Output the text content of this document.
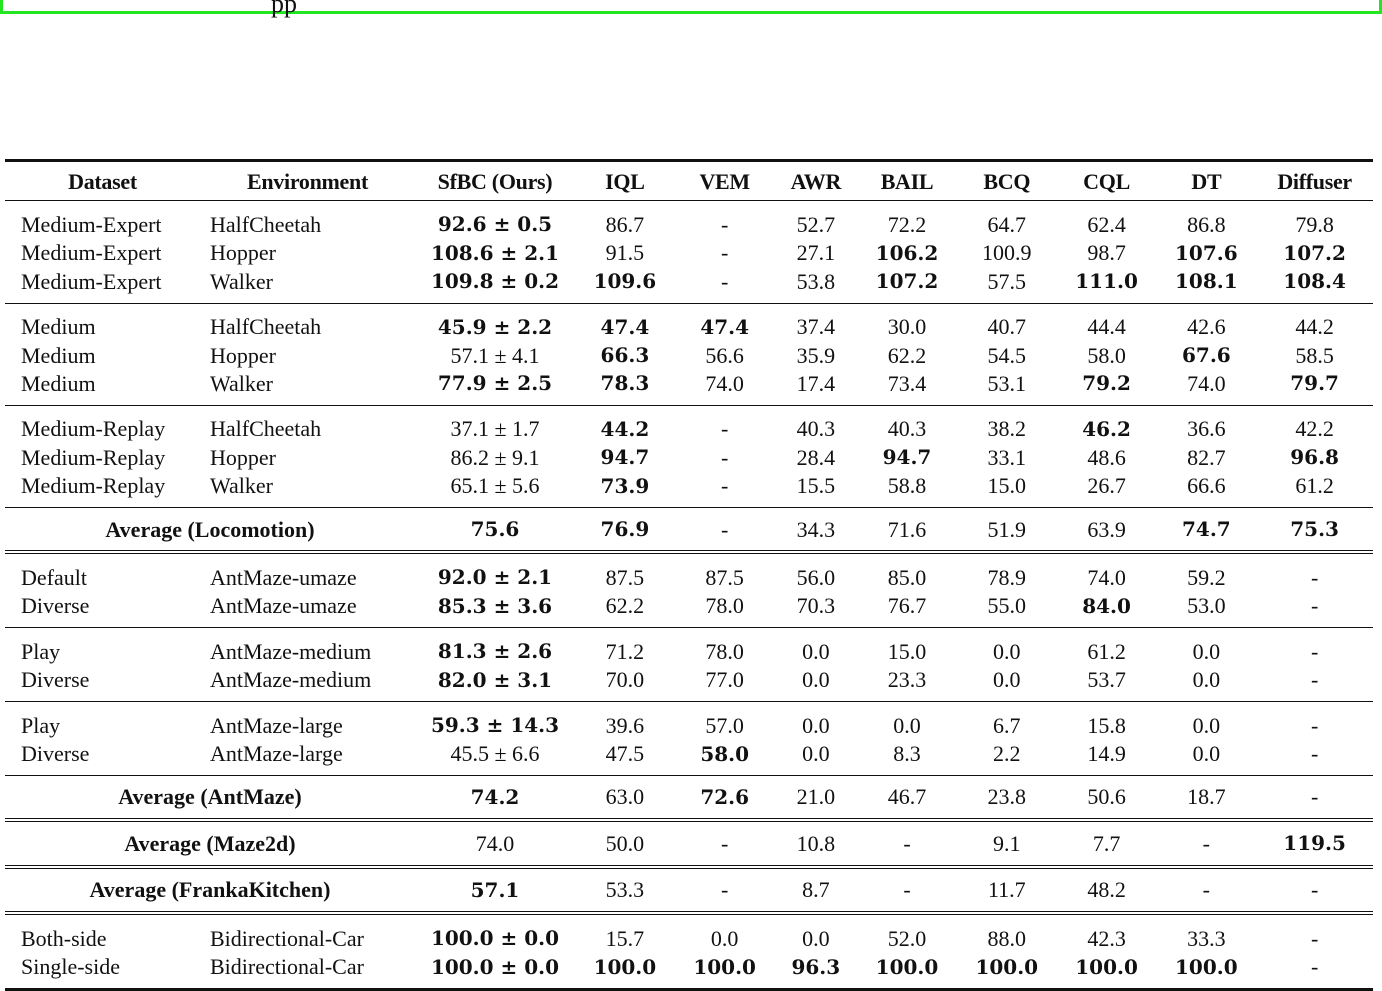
pp
Dataset	Environment	SfBC (Ours)	IQL	VEM	AWR	BAIL	BCQ	CQL	DT	Diffuser
Medium-Expert	HalfCheetah	92.6 ± 0.5	86.7	-	52.7	72.2	64.7	62.4	86.8	79.8
Medium-Expert	Hopper	108.6 ± 2.1	91.5	-	27.1	106.2	100.9	98.7	107.6	107.2
Medium-Expert	Walker	109.8 ± 0.2	109.6	-	53.8	107.2	57.5	111.0	108.1	108.4
Medium	HalfCheetah	45.9 ± 2.2	47.4	47.4	37.4	30.0	40.7	44.4	42.6	44.2
Medium	Hopper	57.1 ± 4.1	66.3	56.6	35.9	62.2	54.5	58.0	67.6	58.5
Medium	Walker	77.9 ± 2.5	78.3	74.0	17.4	73.4	53.1	79.2	74.0	79.7
Medium-Replay	HalfCheetah	37.1 ± 1.7	44.2	-	40.3	40.3	38.2	46.2	36.6	42.2
Medium-Replay	Hopper	86.2 ± 9.1	94.7	-	28.4	94.7	33.1	48.6	82.7	96.8
Medium-Replay	Walker	65.1 ± 5.6	73.9	-	15.5	58.8	15.0	26.7	66.6	61.2
Average (Locomotion)		75.6	76.9	-	34.3	71.6	51.9	63.9	74.7	75.3
Default	AntMaze-umaze	92.0 ± 2.1	87.5	87.5	56.0	85.0	78.9	74.0	59.2	-
Diverse	AntMaze-umaze	85.3 ± 3.6	62.2	78.0	70.3	76.7	55.0	84.0	53.0	-
Play	AntMaze-medium	81.3 ± 2.6	71.2	78.0	0.0	15.0	0.0	61.2	0.0	-
Diverse	AntMaze-medium	82.0 ± 3.1	70.0	77.0	0.0	23.3	0.0	53.7	0.0	-
Play	AntMaze-large	59.3 ± 14.3	39.6	57.0	0.0	0.0	6.7	15.8	0.0	-
Diverse	AntMaze-large	45.5 ± 6.6	47.5	58.0	0.0	8.3	2.2	14.9	0.0	-
Average (AntMaze)		74.2	63.0	72.6	21.0	46.7	23.8	50.6	18.7	-
Average (Maze2d)		74.0	50.0	-	10.8	-	9.1	7.7	-	119.5
Average (FrankaKitchen)		57.1	53.3	-	8.7	-	11.7	48.2	-	-
Both-side	Bidirectional-Car	100.0 ± 0.0	15.7	0.0	0.0	52.0	88.0	42.3	33.3	-
Single-side	Bidirectional-Car	100.0 ± 0.0	100.0	100.0	96.3	100.0	100.0	100.0	100.0	-
